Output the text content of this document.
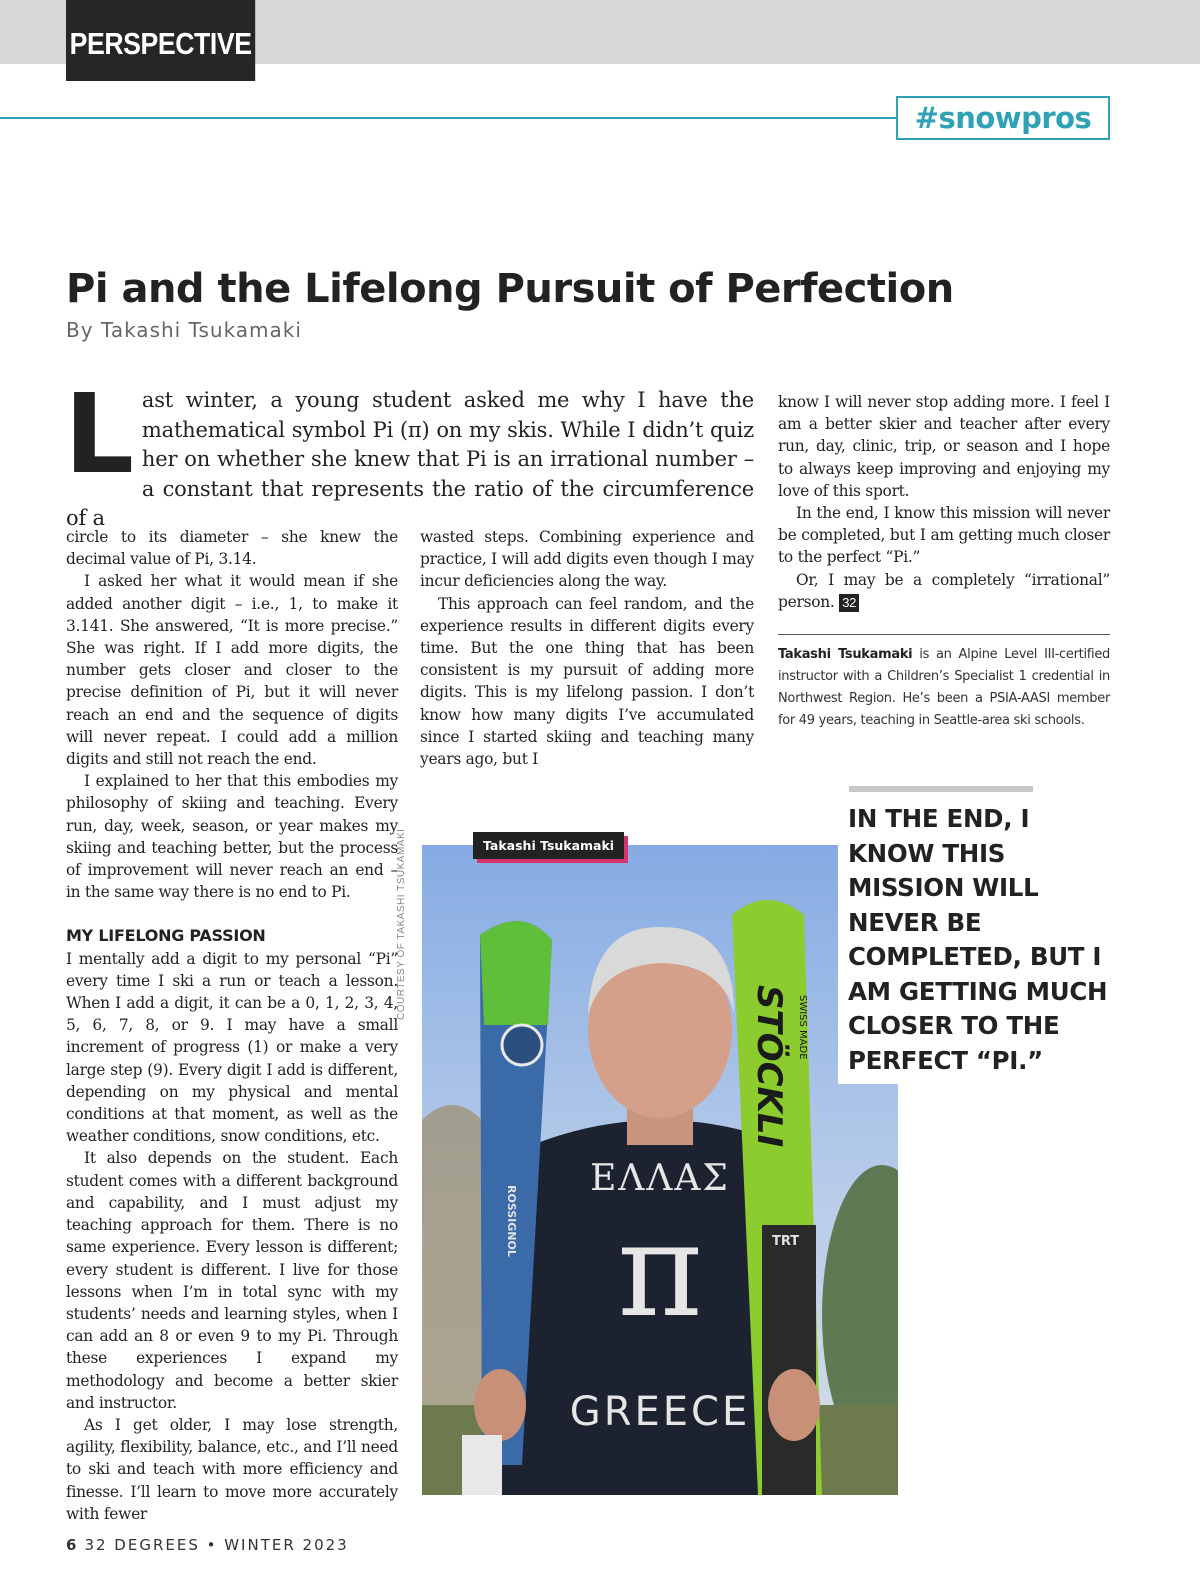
PERSPECTIVE
#snowpros
Pi and the Lifelong Pursuit of Perfection
By Takashi Tsukamaki
L ast winter, a young student asked me why I have the mathematical symbol Pi (π) on my skis. While I didn’t quiz her on whether she knew that Pi is an irrational number – a constant that represents the ratio of the circumference of a

circle to its diameter – she knew the decimal value of Pi, 3.14.

I asked her what it would mean if she added another digit – i.e., 1, to make it 3.141. She answered, “It is more precise.” She was right. If I add more digits, the number gets closer and closer to the precise definition of Pi, but it will never reach an end and the sequence of digits will never repeat. I could add a million digits and still not reach the end.

I explained to her that this embodies my philosophy of skiing and teaching. Every run, day, week, season, or year makes my skiing and teaching better, but the process of improvement will never reach an end – in the same way there is no end to Pi.

MY LIFELONG PASSION

I mentally add a digit to my personal “Pi” every time I ski a run or teach a lesson. When I add a digit, it can be a 0, 1, 2, 3, 4, 5, 6, 7, 8, or 9. I may have a small increment of progress (1) or make a very large step (9). Every digit I add is different, depending on my physical and mental conditions at that moment, as well as the weather conditions, snow conditions, etc.

It also depends on the student. Each student comes with a different background and capability, and I must adjust my teaching approach for them. There is no same experience. Every lesson is different; every student is different. I live for those lessons when I’m in total sync with my students’ needs and learning styles, when I can add an 8 or even 9 to my Pi. Through these experiences I expand my methodology and become a better skier and instructor.

As I get older, I may lose strength, agility, flexibility, balance, etc., and I’ll need to ski and teach with more efficiency and finesse. I’ll learn to move more accurately with fewer

wasted steps. Combining experience and practice, I will add digits even though I may incur deficiencies along the way.

This approach can feel random, and the experience results in different digits every time. But the one thing that has been consistent is my pursuit of adding more digits. This is my lifelong passion. I don’t know how many digits I’ve accumulated since I started skiing and teaching many years ago, but I

know I will never stop adding more. I feel I am a better skier and teacher after every run, day, clinic, trip, or season and I hope to always keep improving and enjoying my love of this sport.

In the end, I know this mission will never be completed, but I am getting much closer to the perfect “Pi.”

Or, I may be a completely “irrational” person. 32

Takashi Tsukamaki is an Alpine Level III-certified instructor with a Children’s Specialist 1 credential in Northwest Region. He’s been a PSIA-AASI member for 49 years, teaching in Seattle-area ski schools.
ROSSIGNOL
STÖCKLI SWISS MADE
TRT
ΕΛΛΑΣ
π
GREECE
COURTESY OF TAKASHI TSUKAMAKI	Takashi Tsukamaki
IN THE END, I KNOW THIS MISSION WILL NEVER BE COMPLETED, BUT I AM GETTING MUCH CLOSER TO THE PERFECT “PI.”
6 32 DEGREES • WINTER 2023
